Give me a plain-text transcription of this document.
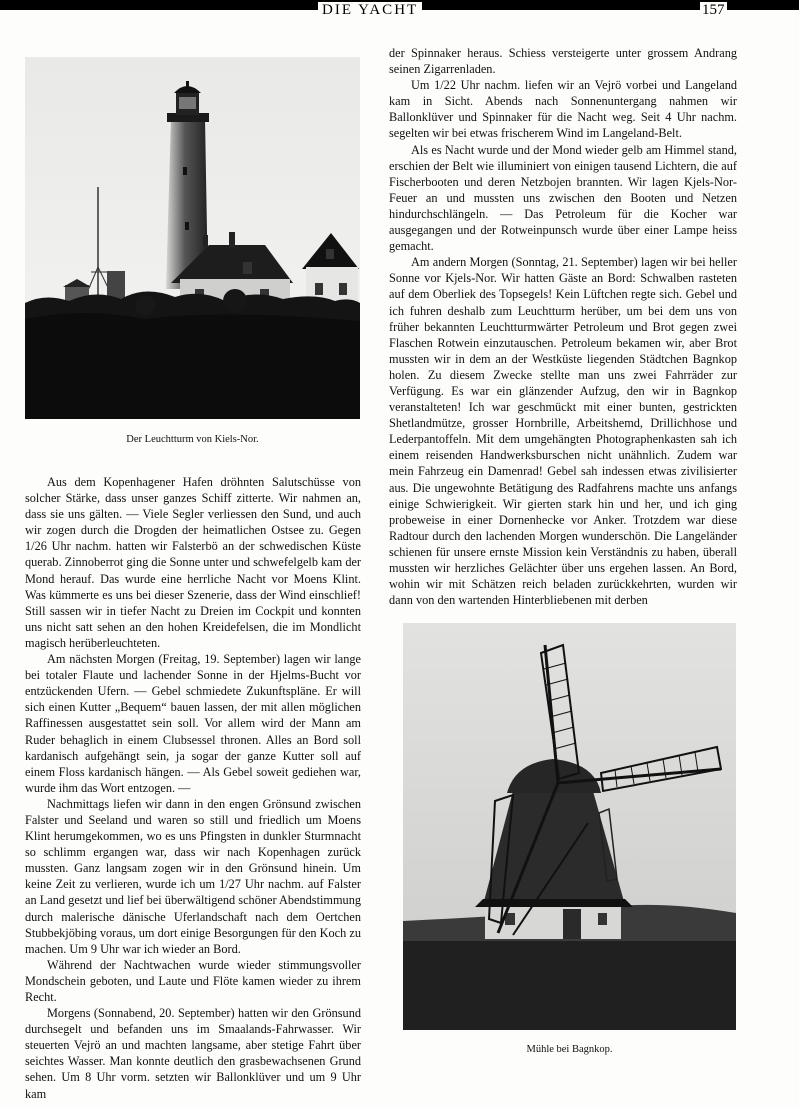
DIE YACHT	157
Der Leuchtturm von Kiels-Nor.
Mühle bei Bagnkop.

Aus dem Kopenhagener Hafen dröhnten Salutschüsse von solcher Stärke, dass unser ganzes Schiff zitterte. Wir nahmen an, dass sie uns gälten. — Viele Segler verliessen den Sund, und auch wir zogen durch die Drogden der heimatlichen Ostsee zu. Gegen 1/26 Uhr nachm. hatten wir Falsterbö an der schwedischen Küste querab. Zinnoberrot ging die Sonne unter und schwefelgelb kam der Mond herauf. Das wurde eine herrliche Nacht vor Moens Klint. Was kümmerte es uns bei dieser Szenerie, dass der Wind einschlief! Still sassen wir in tiefer Nacht zu Dreien im Cockpit und konnten uns nicht satt sehen an den hohen Kreidefelsen, die im Mondlicht magisch herüberleuchteten.

Am nächsten Morgen (Freitag, 19. September) lagen wir lange bei totaler Flaute und lachender Sonne in der Hjelms-Bucht vor entzückenden Ufern. — Gebel schmiedete Zukunftspläne. Er will sich einen Kutter „Bequem“ bauen lassen, der mit allen möglichen Raffinessen ausgestattet sein soll. Vor allem wird der Mann am Ruder behaglich in einem Clubsessel thronen. Alles an Bord soll kardanisch aufgehängt sein, ja sogar der ganze Kutter soll auf einem Floss kardanisch hängen. — Als Gebel soweit gediehen war, wurde ihm das Wort entzogen. —

Nachmittags liefen wir dann in den engen Grönsund zwischen Falster und Seeland und waren so still und friedlich um Moens Klint herumgekommen, wo es uns Pfingsten in dunkler Sturmnacht so schlimm ergangen war, dass wir nach Kopenhagen zurück mussten. Ganz langsam zogen wir in den Grönsund hinein. Um keine Zeit zu verlieren, wurde ich um 1/27 Uhr nachm. auf Falster an Land gesetzt und lief bei überwältigend schöner Abendstimmung durch malerische dänische Uferlandschaft nach dem Oertchen Stubbekjöbing voraus, um dort einige Besorgungen für den Koch zu machen. Um 9 Uhr war ich wieder an Bord.

Während der Nachtwachen wurde wieder stimmungsvoller Mondschein geboten, und Laute und Flöte kamen wieder zu ihrem Recht.

Morgens (Sonnabend, 20. September) hatten wir den Grönsund durchsegelt und befanden uns im Smaalands-Fahrwasser. Wir steuerten Vejrö an und machten langsame, aber stetige Fahrt über seichtes Wasser. Man konnte deutlich den grasbewachsenen Grund sehen. Um 8 Uhr vorm. setzten wir Ballonklüver und um 9 Uhr kam

der Spinnaker heraus. Schiess versteigerte unter grossem Andrang seinen Zigarrenladen.

Um 1/22 Uhr nachm. liefen wir an Vejrö vorbei und Langeland kam in Sicht. Abends nach Sonnenuntergang nahmen wir Ballonklüver und Spinnaker für die Nacht weg. Seit 4 Uhr nachm. segelten wir bei etwas frischerem Wind im Langeland-Belt.

Als es Nacht wurde und der Mond wieder gelb am Himmel stand, erschien der Belt wie illuminiert von einigen tausend Lichtern, die auf Fischerbooten und deren Netzbojen brannten. Wir lagen Kjels-Nor-Feuer an und mussten uns zwischen den Booten und Netzen hindurchschlängeln. — Das Petroleum für die Kocher war ausgegangen und der Rotweinpunsch wurde über einer Lampe heiss gemacht.

Am andern Morgen (Sonntag, 21. September) lagen wir bei heller Sonne vor Kjels-Nor. Wir hatten Gäste an Bord: Schwalben rasteten auf dem Oberliek des Topsegels! Kein Lüftchen regte sich. Gebel und ich fuhren deshalb zum Leuchtturm herüber, um bei dem uns von früher bekannten Leuchtturmwärter Petroleum und Brot gegen zwei Flaschen Rotwein einzutauschen. Petroleum bekamen wir, aber Brot mussten wir in dem an der Westküste liegenden Städtchen Bagnkop holen. Zu diesem Zwecke stellte man uns zwei Fahrräder zur Verfügung. Es war ein glänzender Aufzug, den wir in Bagnkop veranstalteten! Ich war geschmückt mit einer bunten, gestrickten Shetlandmütze, grosser Hornbrille, Arbeitshemd, Drillichhose und Lederpantoffeln. Mit dem umgehängten Photographenkasten sah ich einem reisenden Handwerksburschen nicht unähnlich. Zudem war mein Fahrzeug ein Damenrad! Gebel sah indessen etwas zivilisierter aus. Die ungewohnte Betätigung des Radfahrens machte uns anfangs einige Schwierigkeit. Wir gierten stark hin und her, und ich ging probeweise in einer Dornenhecke vor Anker. Trotzdem war diese Radtour durch den lachenden Morgen wunderschön. Die Langeländer schienen für unsere ernste Mission kein Verständnis zu haben, überall mussten wir herzliches Gelächter über uns ergehen lassen. An Bord, wohin wir mit Schätzen reich beladen zurückkehrten, wurden wir dann von den wartenden Hinterbliebenen mit derben
